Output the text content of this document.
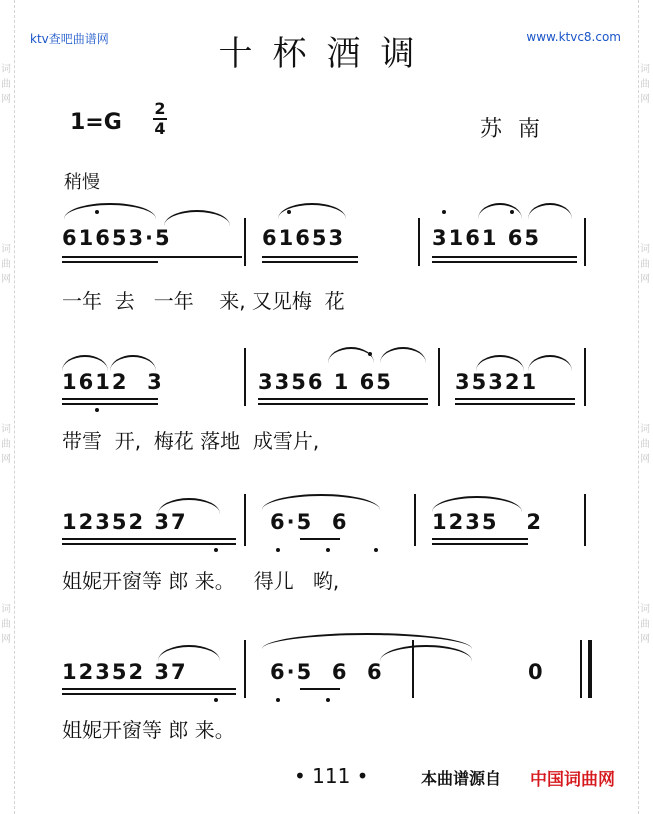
词曲网
词曲网
词曲网
词曲网
词曲网
词曲网
词曲网
词曲网
ktv查吧曲谱网	www.ktvc8.com
十杯酒调
$1=G \frac{2}{4}$	苏南
稍慢
61653·5	61653	3161 65
一年  去   一年    来, 又见梅  花
1612  3	3356 1 65	35321
带雪  开,  梅花 落地  成雪片,
12352 37	6·5  6	1235   2
姐妮开窗等 郎 来。   得儿   哟,
12352 37	6·5  6  6	0
姐妮开窗等 郎 来。
• 111 •	本曲谱源自 中国词曲网
